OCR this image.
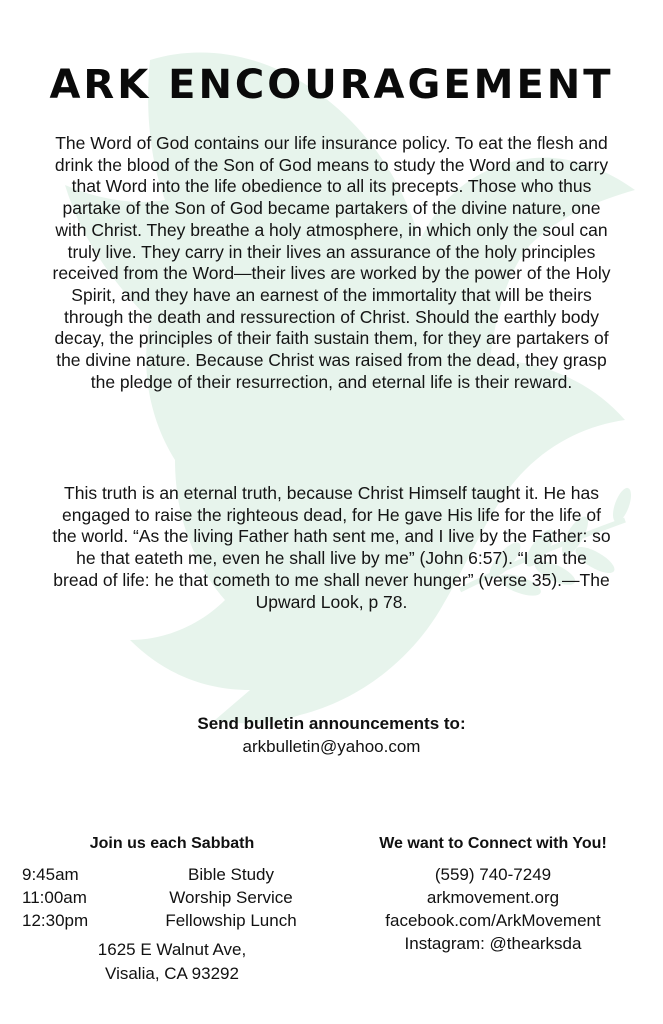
ARK ENCOURAGEMENT

The Word of God contains our life insurance policy. To eat the flesh and drink the blood of the Son of God means to study the Word and to carry that Word into the life obedience to all its precepts. Those who thus partake of the Son of God became partakers of the divine nature, one with Christ. They breathe a holy atmosphere, in which only the soul can truly live. They carry in their lives an assurance of the holy principles received from the Word—their lives are worked by the power of the Holy Spirit, and they have an earnest of the immortality that will be theirs through the death and ressurection of Christ. Should the earthly body decay, the principles of their faith sustain them, for they are partakers of the divine nature. Because Christ was raised from the dead, they grasp the pledge of their resurrection, and eternal life is their reward.

This truth is an eternal truth, because Christ Himself taught it. He has engaged to raise the righteous dead, for He gave His life for the life of the world. “As the living Father hath sent me, and I live by the Father: so he that eateth me, even he shall live by me” (John 6:57). “I am the bread of life: he that cometh to me shall never hunger” (verse 35).—The Upward Look, p 78.

Send bulletin announcements to:
arkbulletin@yahoo.com
Join us each Sabbath
9:45am	Bible Study
11:00am	Worship Service
12:30pm	Fellowship Lunch
1625 E Walnut Ave,
Visalia, CA 93292
We want to Connect with You!
(559) 740-7249
arkmovement.org
facebook.com/ArkMovement
Instagram: @thearksda
